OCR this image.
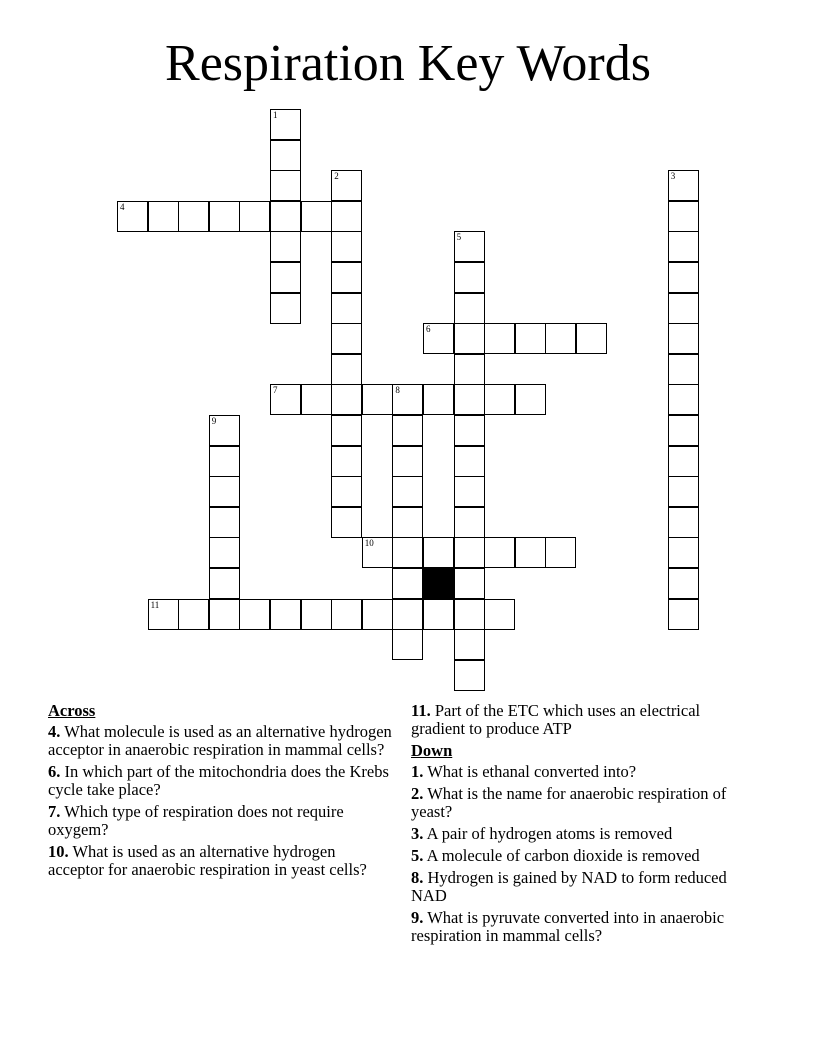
Respiration Key Words
1
2	3
4
5
6
7	8
9
10
11
Across
4. What molecule is used as an alternative hydrogen acceptor in anaerobic respiration in mammal cells?
6. In which part of the mitochondria does the Krebs cycle take place?
7. Which type of respiration does not require oxygem?
10. What is used as an alternative hydrogen acceptor for anaerobic respiration in yeast cells?
11. Part of the ETC which uses an electrical gradient to produce ATP
Down
1. What is ethanal converted into?
2. What is the name for anaerobic respiration of yeast?
3. A pair of hydrogen atoms is removed
5. A molecule of carbon dioxide is removed
8. Hydrogen is gained by NAD to form reduced NAD
9. What is pyruvate converted into in anaerobic respiration in mammal cells?
